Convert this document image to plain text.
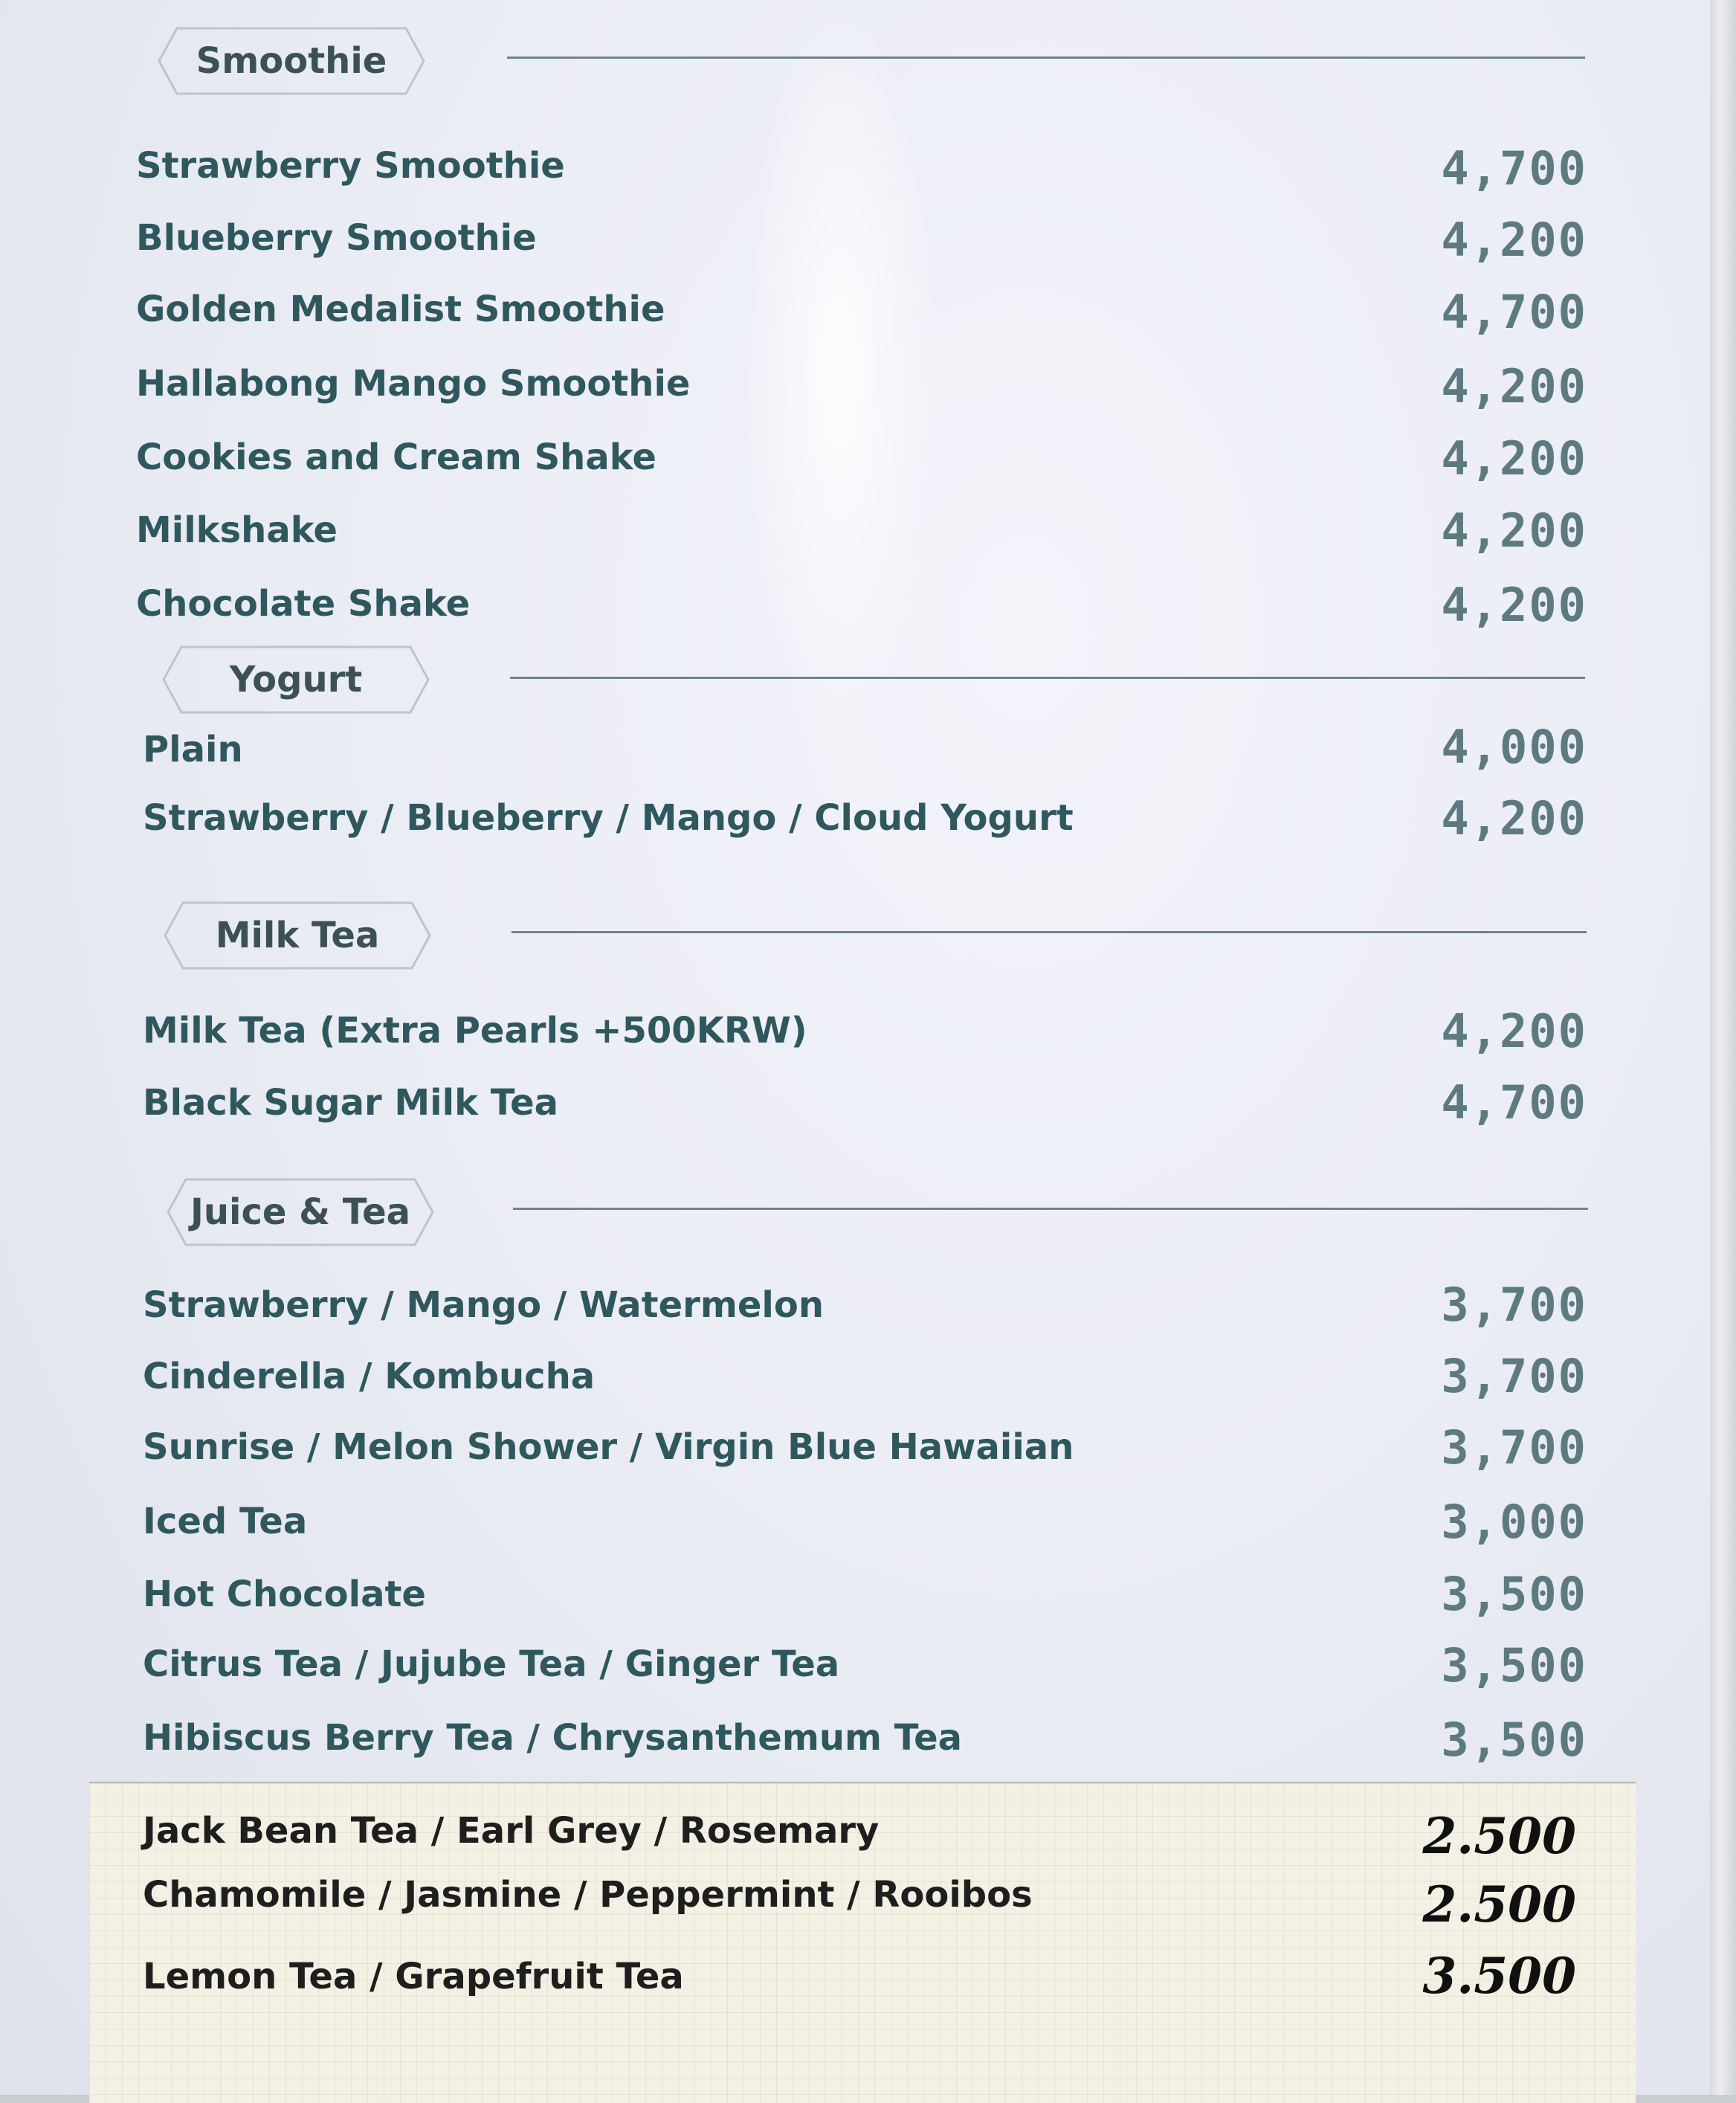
Smoothie
Strawberry Smoothie	4,700
Blueberry Smoothie	4,200
Golden Medalist Smoothie	4,700
Hallabong Mango Smoothie	4,200
Cookies and Cream Shake	4,200
Milkshake	4,200
Chocolate Shake	4,200
Yogurt
Plain	4,000
Strawberry / Blueberry / Mango / Cloud Yogurt	4,200
Milk Tea
Milk Tea (Extra Pearls +500KRW)	4,200
Black Sugar Milk Tea	4,700
Juice & Tea
Strawberry / Mango / Watermelon	3,700
Cinderella / Kombucha	3,700
Sunrise / Melon Shower / Virgin Blue Hawaiian	3,700
Iced Tea	3,000
Hot Chocolate	3,500
Citrus Tea / Jujube Tea / Ginger Tea	3,500
Hibiscus Berry Tea / Chrysanthemum Tea	3,500
Jack Bean Tea / Earl Grey / Rosemary	2.500
Chamomile / Jasmine / Peppermint / Rooibos	2.500
Lemon Tea / Grapefruit Tea	3.500
